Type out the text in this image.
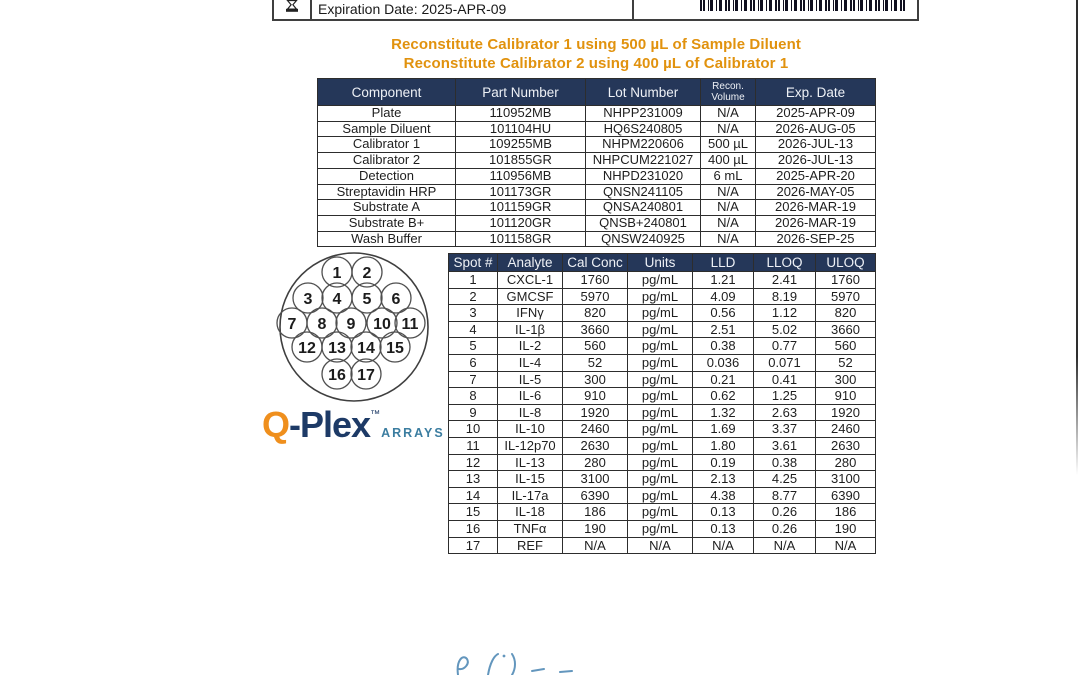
Expiration Date: 2025-APR-09
Reconstitute Calibrator 1 using 500 µL of Sample Diluent
Reconstitute Calibrator 2 using 400 µL of Calibrator 1
Component	Part Number	Lot Number	Recon. Volume	Exp. Date
Plate	110952MB	NHPP231009	N/A	2025-APR-09
Sample Diluent	101104HU	HQ6S240805	N/A	2026-AUG-05
Calibrator 1	109255MB	NHPM220606	500 µL	2026-JUL-13
Calibrator 2	101855GR	NHPCUM221027	400 µL	2026-JUL-13
Detection	110956MB	NHPD231020	6 mL	2025-APR-20
Streptavidin HRP	101173GR	QNSN241105	N/A	2026-MAY-05
Substrate A	101159GR	QNSA240801	N/A	2026-MAR-19
Substrate B+	101120GR	QNSB+240801	N/A	2026-MAR-19
Wash Buffer	101158GR	QNSW240925	N/A	2026-SEP-25
1 2
3 4 5 6
7 8 9 10 11
12 13 14 15
16 17
Q-Plex™ARRAYS
Spot #	Analyte	Cal Conc	Units	LLD	LLOQ	ULOQ
1	CXCL-1	1760	pg/mL	1.21	2.41	1760
2	GMCSF	5970	pg/mL	4.09	8.19	5970
3	IFNγ	820	pg/mL	0.56	1.12	820
4	IL-1β	3660	pg/mL	2.51	5.02	3660
5	IL-2	560	pg/mL	0.38	0.77	560
6	IL-4	52	pg/mL	0.036	0.071	52
7	IL-5	300	pg/mL	0.21	0.41	300
8	IL-6	910	pg/mL	0.62	1.25	910
9	IL-8	1920	pg/mL	1.32	2.63	1920
10	IL-10	2460	pg/mL	1.69	3.37	2460
11	IL-12p70	2630	pg/mL	1.80	3.61	2630
12	IL-13	280	pg/mL	0.19	0.38	280
13	IL-15	3100	pg/mL	2.13	4.25	3100
14	IL-17a	6390	pg/mL	4.38	8.77	6390
15	IL-18	186	pg/mL	0.13	0.26	186
16	TNFα	190	pg/mL	0.13	0.26	190
17	REF	N/A	N/A	N/A	N/A	N/A
